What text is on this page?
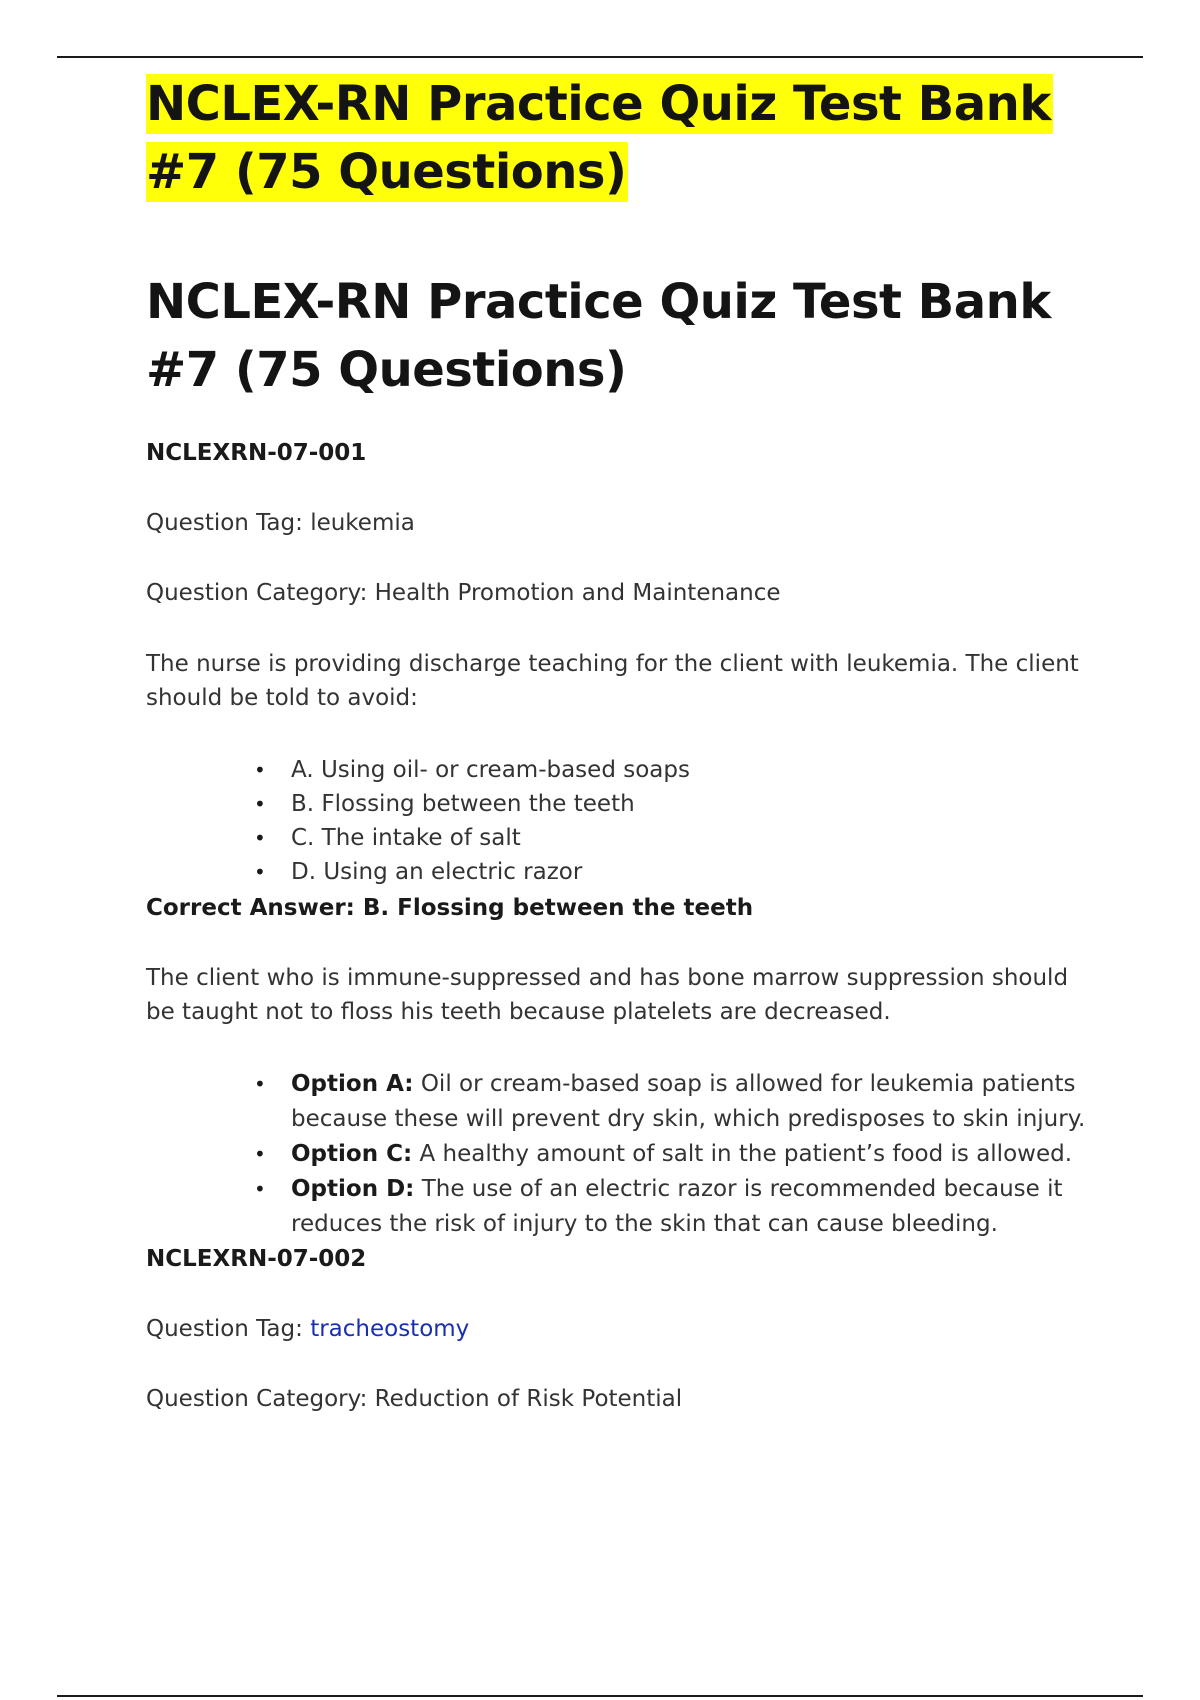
NCLEX-RN Practice Quiz Test Bank #7 (75 Questions)
NCLEX-RN Practice Quiz Test Bank #7 (75 Questions)
NCLEXRN-07-001

Question Tag: leukemia

Question Category: Health Promotion and Maintenance

The nurse is providing discharge teaching for the client with leukemia. The client should be told to avoid:

• A. Using oil- or cream-based soaps
• B. Flossing between the teeth
• C. The intake of salt
• D. Using an electric razor
Correct Answer: B. Flossing between the teeth

The client who is immune-suppressed and has bone marrow suppression should be taught not to floss his teeth because platelets are decreased.

• Option A: Oil or cream-based soap is allowed for leukemia patients because these will prevent dry skin, which predisposes to skin injury.
• Option C: A healthy amount of salt in the patient’s food is allowed.
• Option D: The use of an electric razor is recommended because it reduces the risk of injury to the skin that can cause bleeding.
NCLEXRN-07-002

Question Tag: tracheostomy

Question Category: Reduction of Risk Potential
